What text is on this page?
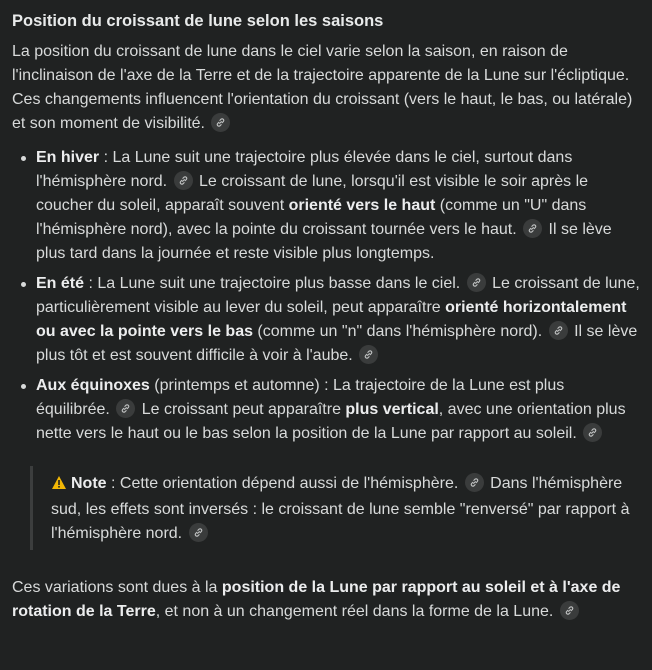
Position du croissant de lune selon les saisons

La position du croissant de lune dans le ciel varie selon la saison, en raison de l'inclinaison de l'axe de la Terre et de la trajectoire apparente de la Lune sur l'écliptique. Ces changements influencent l'orientation du croissant (vers le haut, le bas, ou latérale) et son moment de visibilité.

En hiver : La Lune suit une trajectoire plus élevée dans le ciel, surtout dans l'hémisphère nord.
Le croissant de lune, lorsqu'il est visible le soir après le coucher du soleil, apparaît souvent orienté vers le haut (comme un "U" dans l'hémisphère nord), avec la pointe du croissant tournée vers le haut.
Il se lève plus tard dans la journée et reste visible plus longtemps.
En été : La Lune suit une trajectoire plus basse dans le ciel.
Le croissant de lune, particulièrement visible au lever du soleil, peut apparaître orienté horizontalement ou avec la pointe vers le bas (comme un "n" dans l'hémisphère nord).
Il se lève plus tôt et est souvent difficile à voir à l'aube.
Aux équinoxes (printemps et automne) : La trajectoire de la Lune est plus équilibrée.
Le croissant peut apparaître plus vertical, avec une orientation plus nette vers le haut ou le bas selon la position de la Lune par rapport au soleil.
Note : Cette orientation dépend aussi de l'hémisphère.
Dans l'hémisphère sud, les effets sont inversés : le croissant de lune semble "renversé" par rapport à l'hémisphère nord.

Ces variations sont dues à la position de la Lune par rapport au soleil et à l'axe de rotation de la Terre, et non à un changement réel dans la forme de la Lune.
